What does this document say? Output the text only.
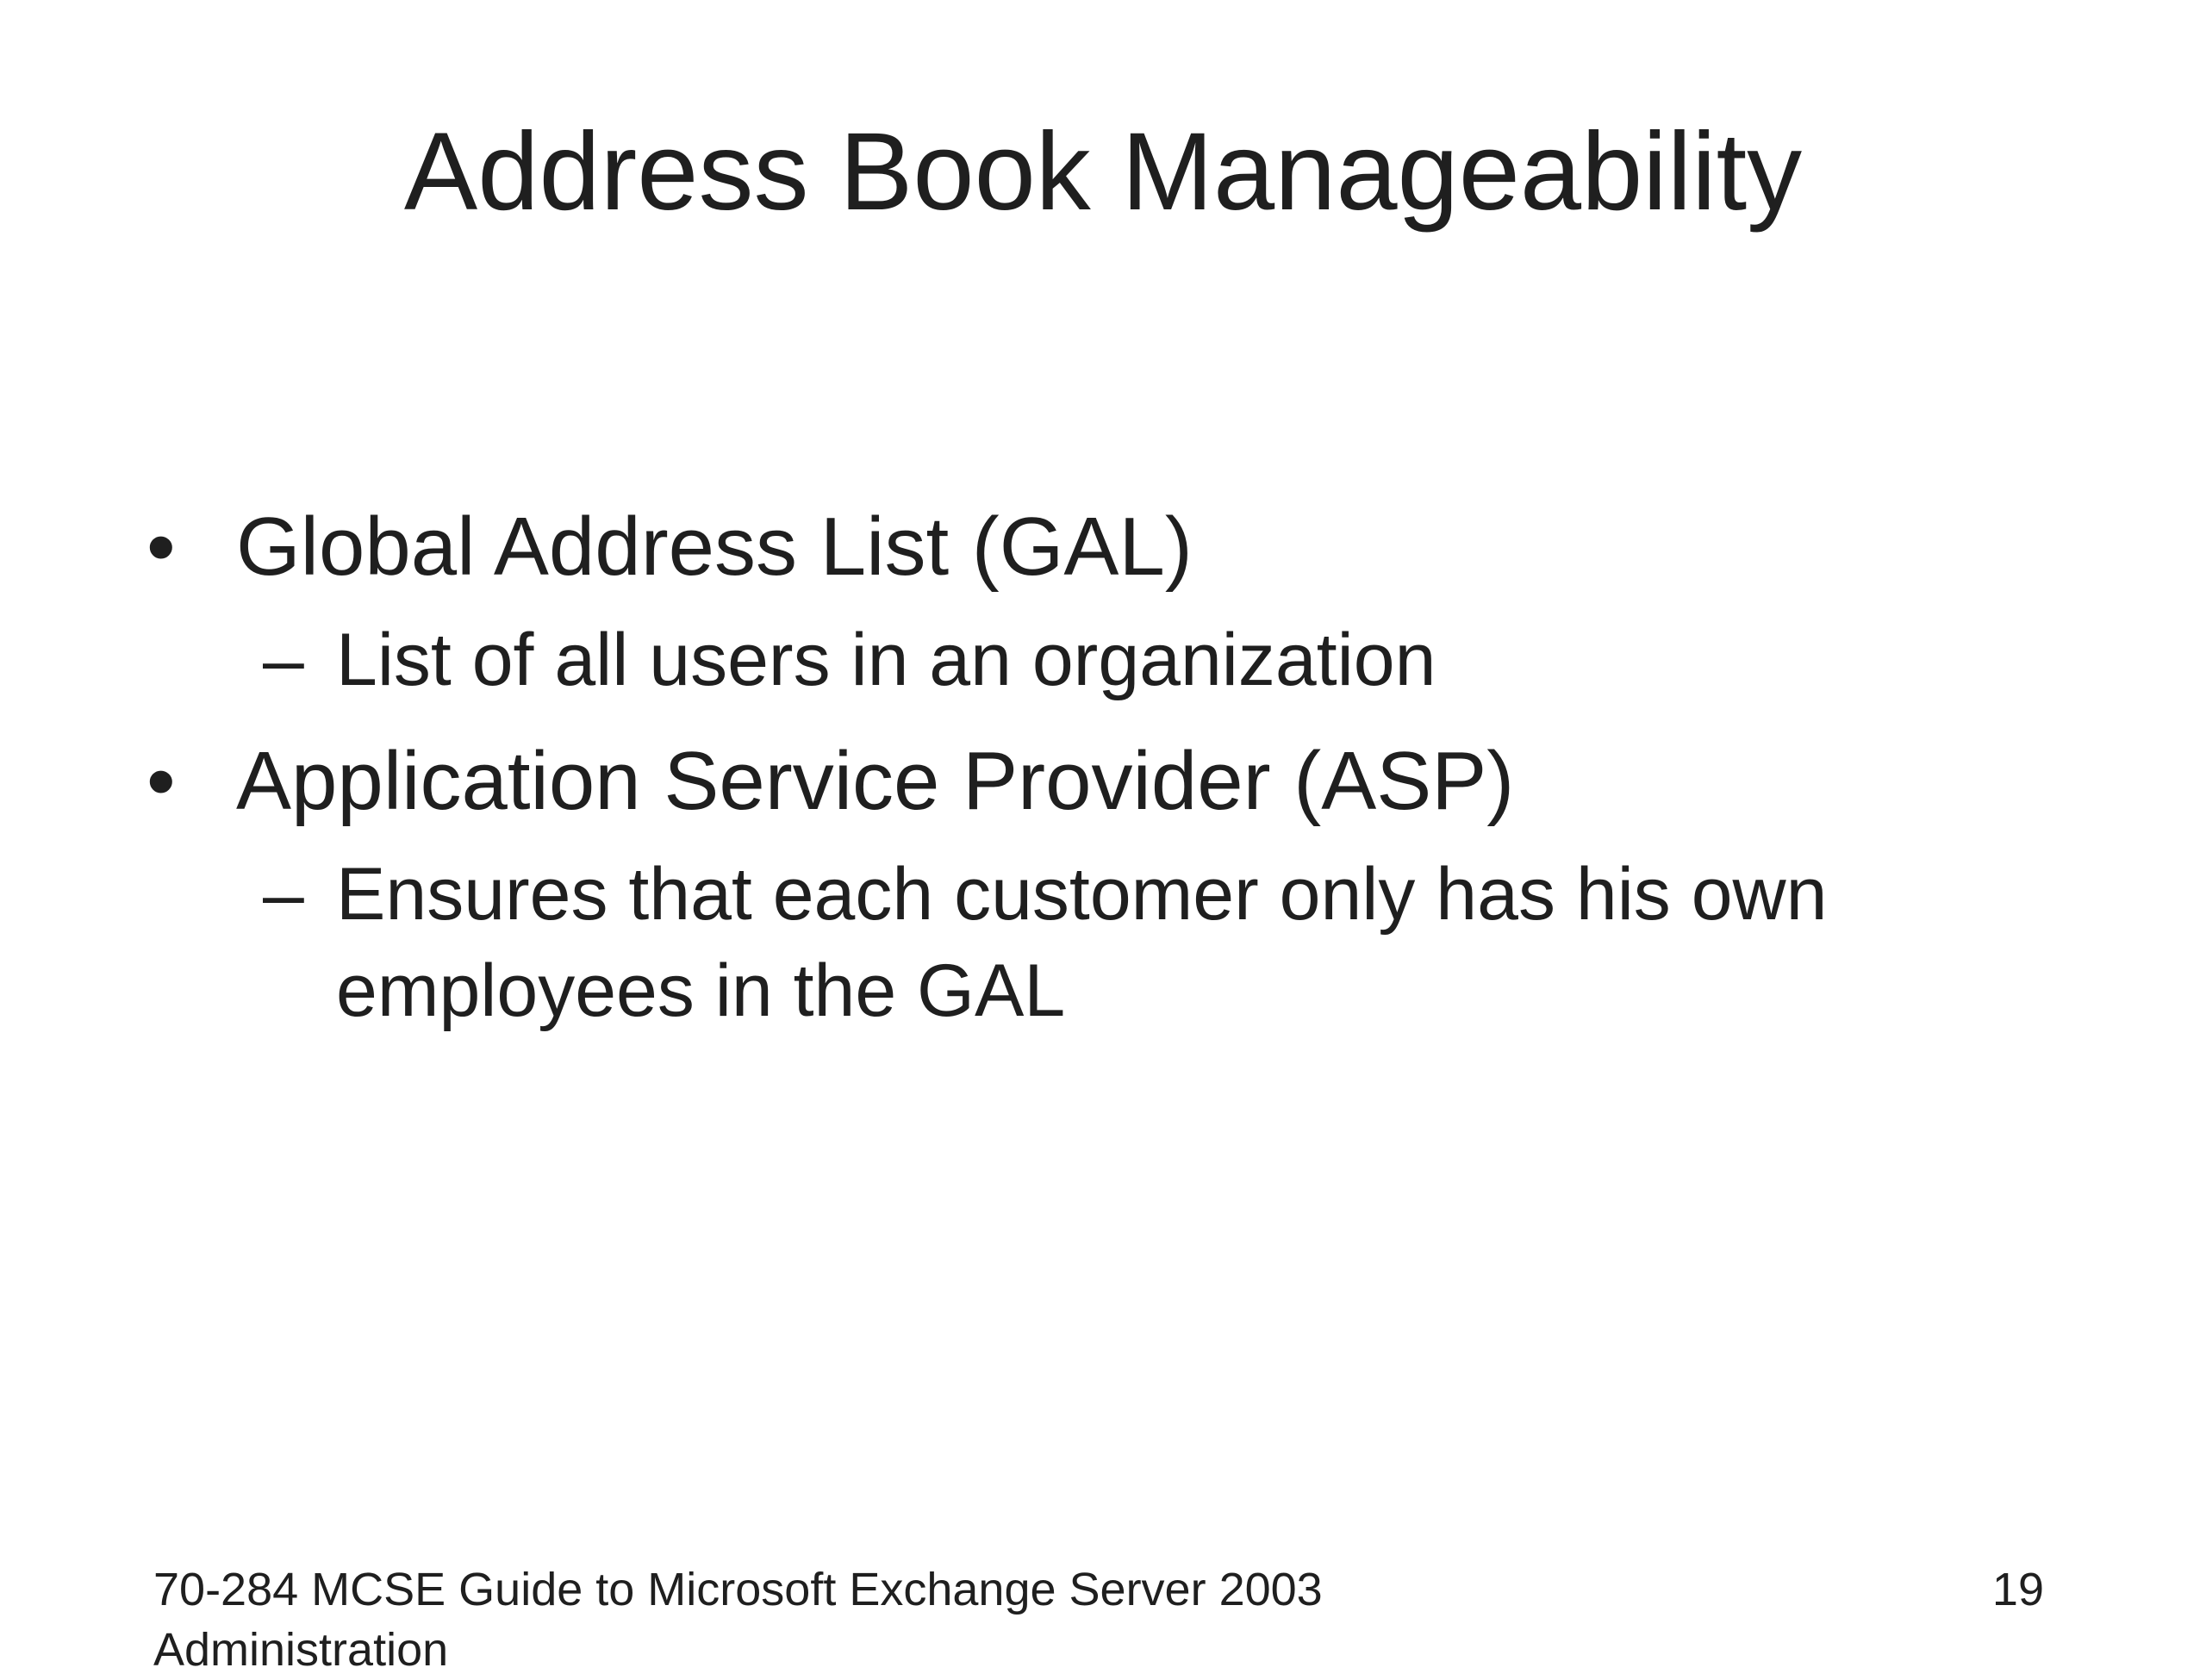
Address Book Manageability
• Global Address List (GAL)
– List of all users in an organization
• Application Service Provider (ASP)
– Ensures that each customer only has his own employees in the GAL
70-284 MCSE Guide to Microsoft Exchange Server 2003 Administration
19
